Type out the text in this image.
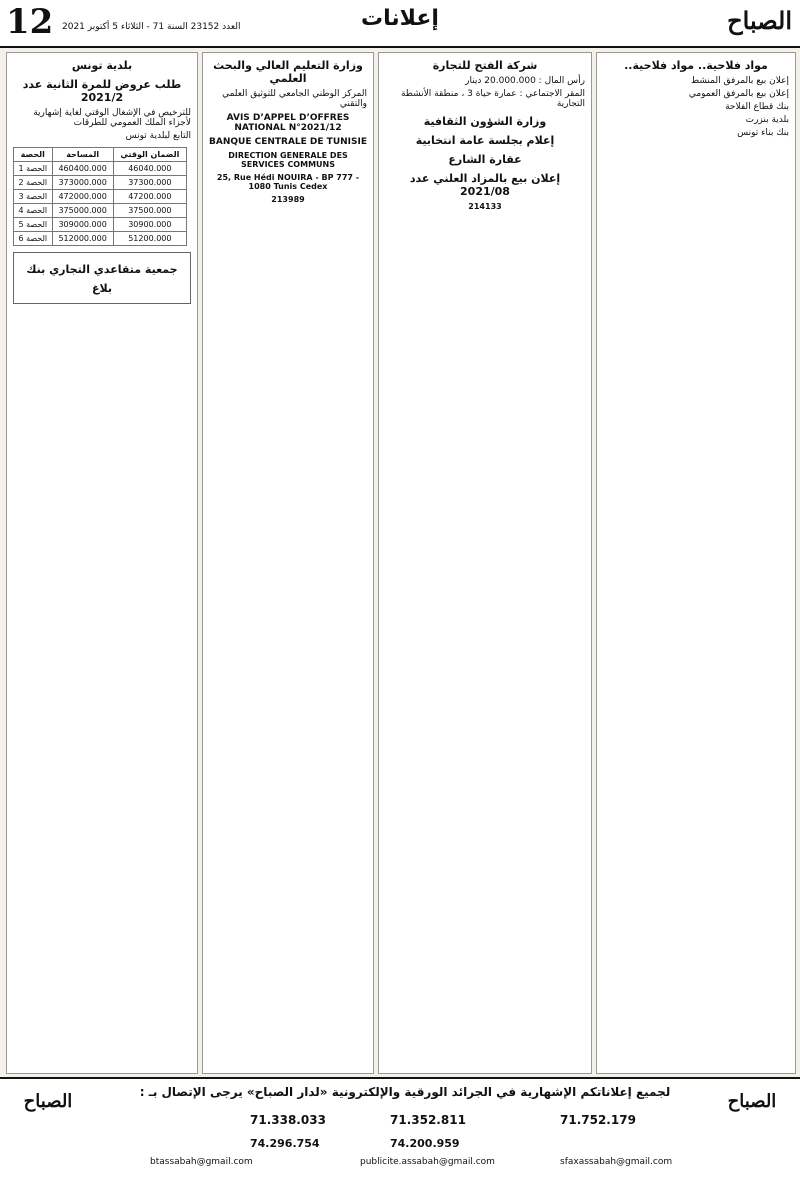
12 العدد 23152 السنة 71 - الثلاثاء 5 أكتوبر 2021	إعلانات	الصباح
بلدية تونس
طلب عروض للمرة الثانية عدد 2021/2
للترخيص في الإشغال الوقتي لغاية إشهارية لأجزاء الملك العمومي للطرقات
التابع لبلدية تونس
الحصة	المساحة	الضمان الوقتي
الحصة 1	460400.000	46040.000
الحصة 2	373000.000	37300.000
الحصة 3	472000.000	47200.000
الحصة 4	375000.000	37500.000
الحصة 5	309000.000	30900.000
الحصة 6	512000.000	51200.000
جمعية متقاعدي التجاري بنك
بلاغ
وزارة التعليم العالي والبحث العلمي
المركز الوطني الجامعي للتوثيق العلمي والتقني
AVIS D’APPEL D’OFFRES NATIONAL N°2021/12
BANQUE CENTRALE DE TUNISIE
DIRECTION GENERALE DES SERVICES COMMUNS
25, Rue Hédi NOUIRA - BP 777 - 1080 Tunis Cedex
213989
شركة الفتح للتجارة
رأس المال : 20.000.000 دينار
المقر الاجتماعي : عمارة حياة 3 ، منطقة الأنشطة التجارية
وزارة الشؤون الثقافية
إعلام بجلسة عامة انتخابية
عقارة الشارع
إعلان بيع بالمزاد العلني عدد 2021/08
214133
مواد فلاحية.. مواد فلاحية..
إعلان بيع بالمرفق المنشط
إعلان بيع بالمرفق العمومي
بنك قطاع الفلاحة
بلدية بنزرت
بنك بناء تونس
الصباح	لجميع إعلاناتكم الإشهارية في الجرائد الورقية والإلكترونية «لدار الصباح» يرجى الإتصال بـ :
71.338.033	71.352.811	71.752.179
74.296.754	74.200.959
btassabah@gmail.com	publicite.assabah@gmail.com	sfaxassabah@gmail.com
الصباح
